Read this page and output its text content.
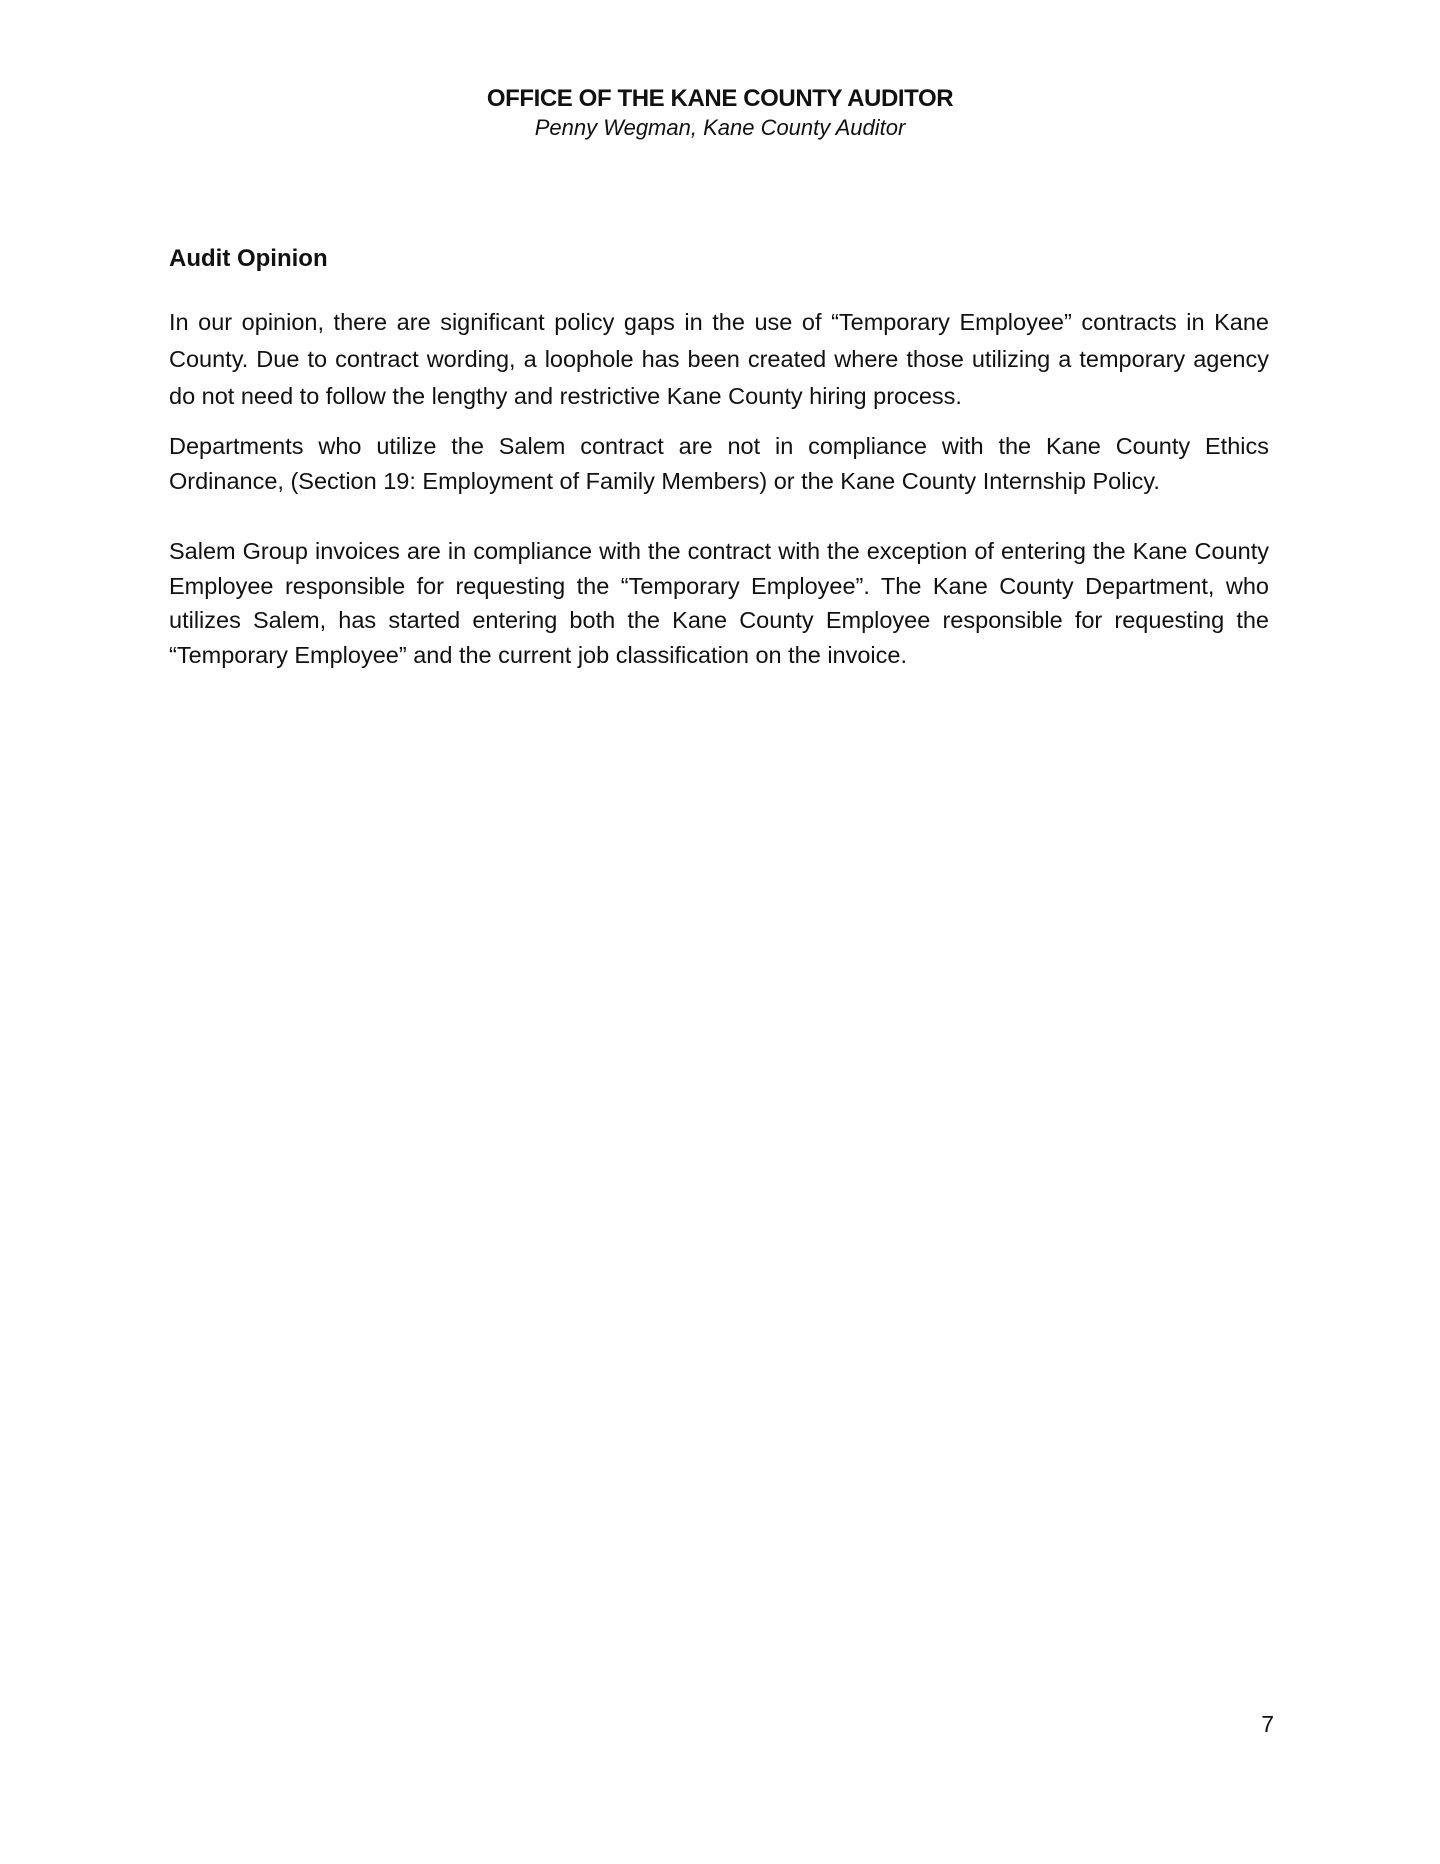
OFFICE OF THE KANE COUNTY AUDITOR
Penny Wegman, Kane County Auditor
Audit Opinion

In our opinion, there are significant policy gaps in the use of “Temporary Employee” contracts in Kane County. Due to contract wording, a loophole has been created where those utilizing a temporary agency do not need to follow the lengthy and restrictive Kane County hiring process.

Departments who utilize the Salem contract are not in compliance with the Kane County Ethics Ordinance, (Section 19: Employment of Family Members) or the Kane County Internship Policy.

Salem Group invoices are in compliance with the contract with the exception of entering the Kane County Employee responsible for requesting the “Temporary Employee”. The Kane County Department, who utilizes Salem, has started entering both the Kane County Employee responsible for requesting the “Temporary Employee” and the current job classification on the invoice.

7
